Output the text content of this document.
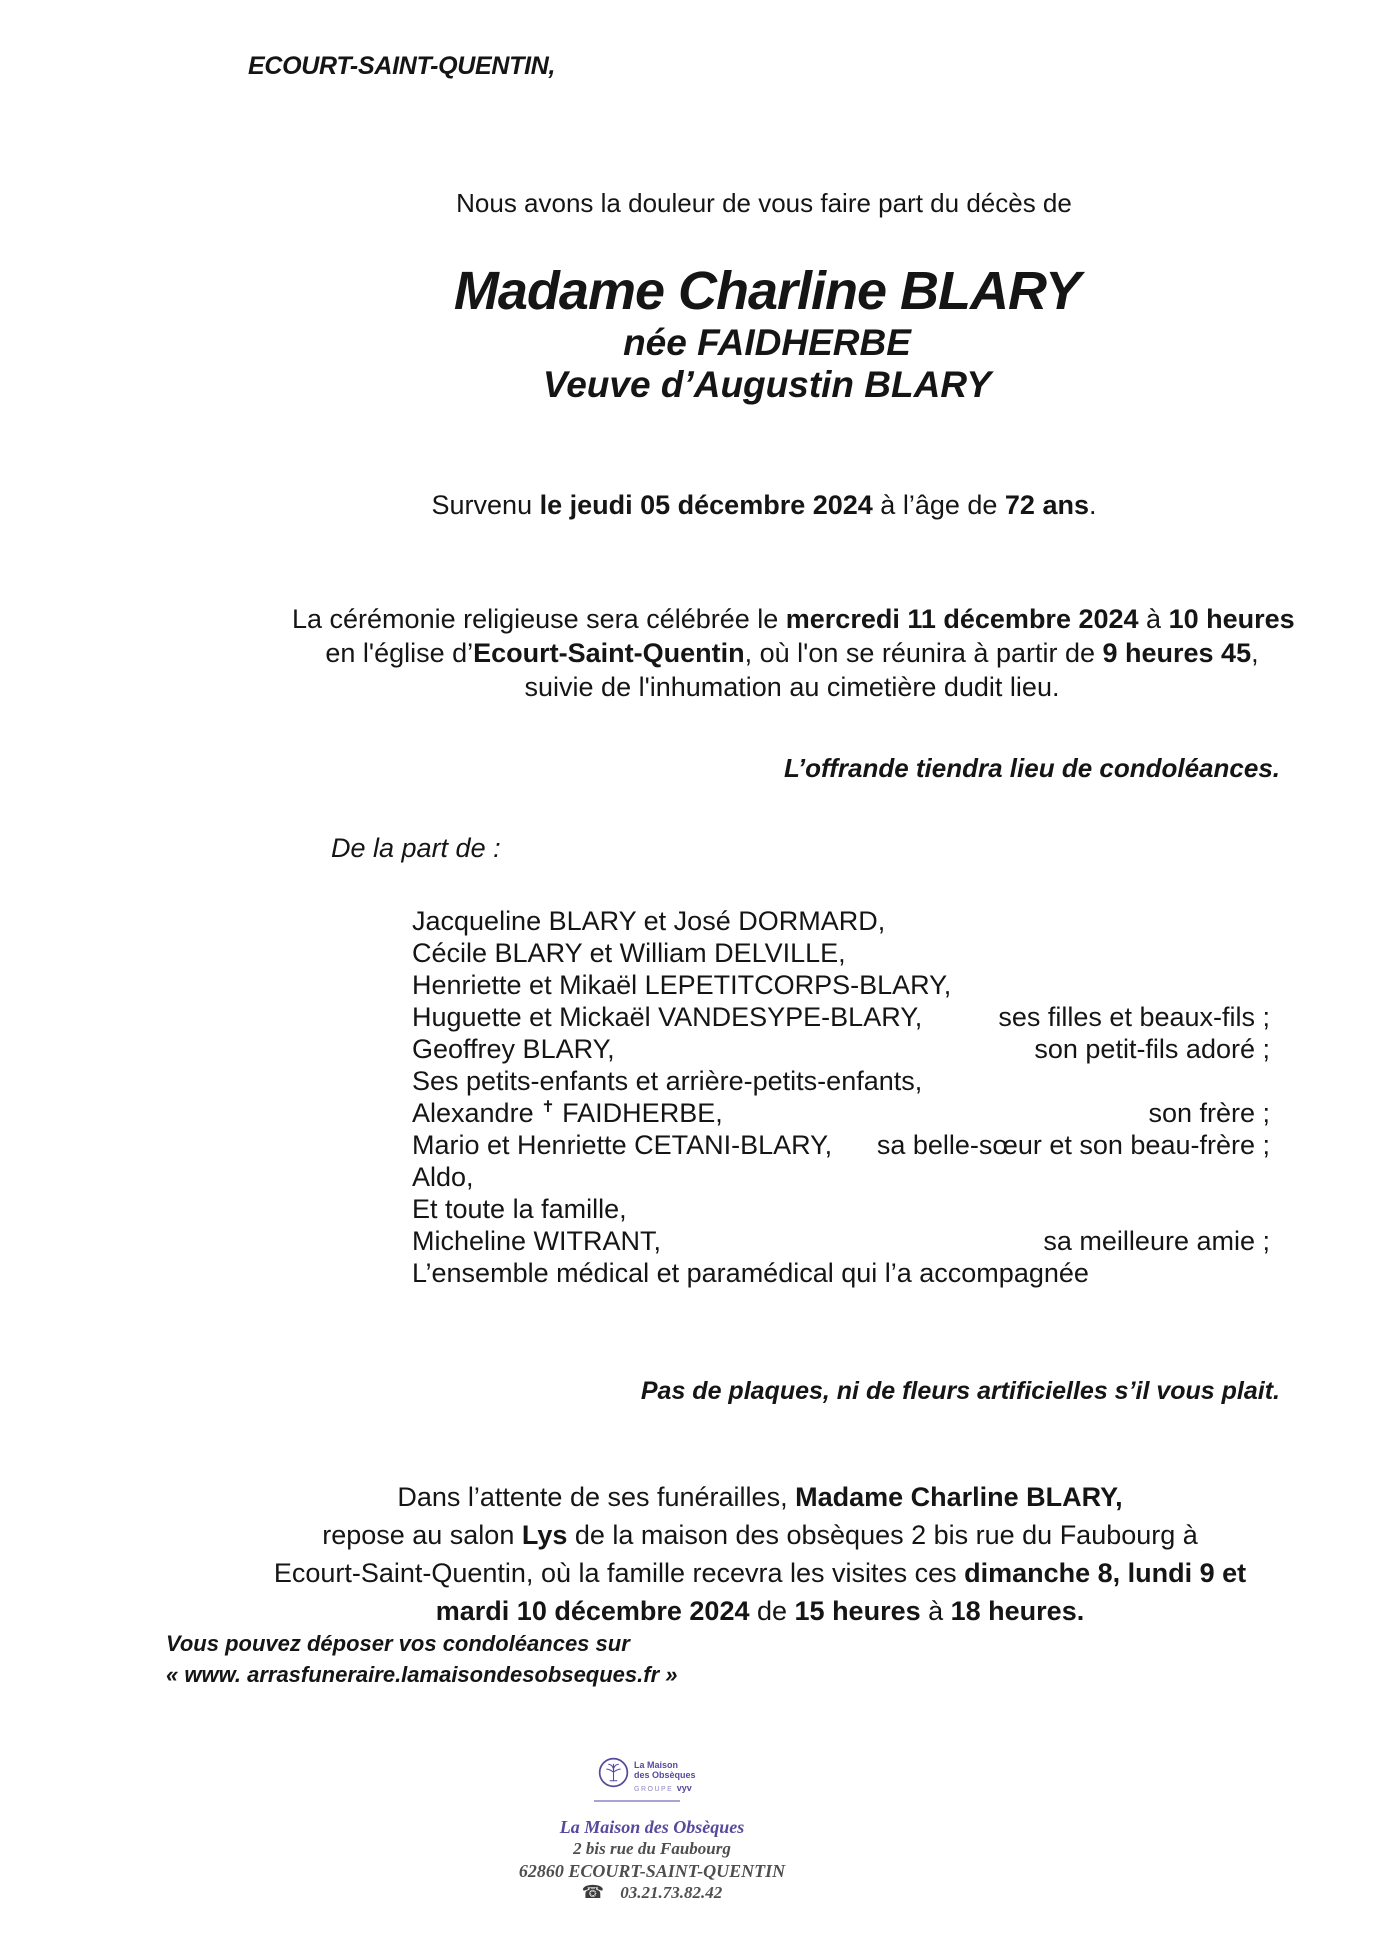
ECOURT-SAINT-QUENTIN,
Nous avons la douleur de vous faire part du décès de
Madame Charline BLARY
née FAIDHERBE
Veuve d’Augustin BLARY
Survenu le jeudi 05 décembre 2024 à l’âge de 72 ans.
La cérémonie religieuse sera célébrée le mercredi 11 décembre 2024 à 10 heures
en l'église d’Ecourt-Saint-Quentin, où l'on se réunira à partir de 9 heures 45,
suivie de l'inhumation au cimetière dudit lieu.
L’offrande tiendra lieu de condoléances.
De la part de :
Jacqueline BLARY et José DORMARD,
Cécile BLARY et William DELVILLE,
Henriette et Mikaël LEPETITCORPS-BLARY,
Huguette et Mickaël VANDESYPE-BLARY,	ses filles et beaux-fils ;
Geoffrey BLARY,	son petit-fils adoré ;
Ses petits-enfants et arrière-petits-enfants,
Alexandre ✝ FAIDHERBE,	son frère ;
Mario et Henriette CETANI-BLARY, sa belle-sœur et son beau-frère ;
Aldo,
Et toute la famille,
Micheline WITRANT,	sa meilleure amie ;
L’ensemble médical et paramédical qui l’a accompagnée
Pas de plaques, ni de fleurs artificielles s’il vous plait.
Dans l’attente de ses funérailles, Madame Charline BLARY,
repose au salon Lys de la maison des obsèques 2 bis rue du Faubourg à
Ecourt-Saint-Quentin, où la famille recevra les visites ces dimanche 8, lundi 9 et
mardi 10 décembre 2024 de 15 heures à 18 heures.
Vous pouvez déposer vos condoléances sur
« www. arrasfuneraire.lamaisondesobseques.fr »
La Maison
des Obsèques
GROUPE vyv
La Maison des Obsèques
2 bis rue du Faubourg
62860 ECOURT-SAINT-QUENTIN
☎ 03.21.73.82.42
